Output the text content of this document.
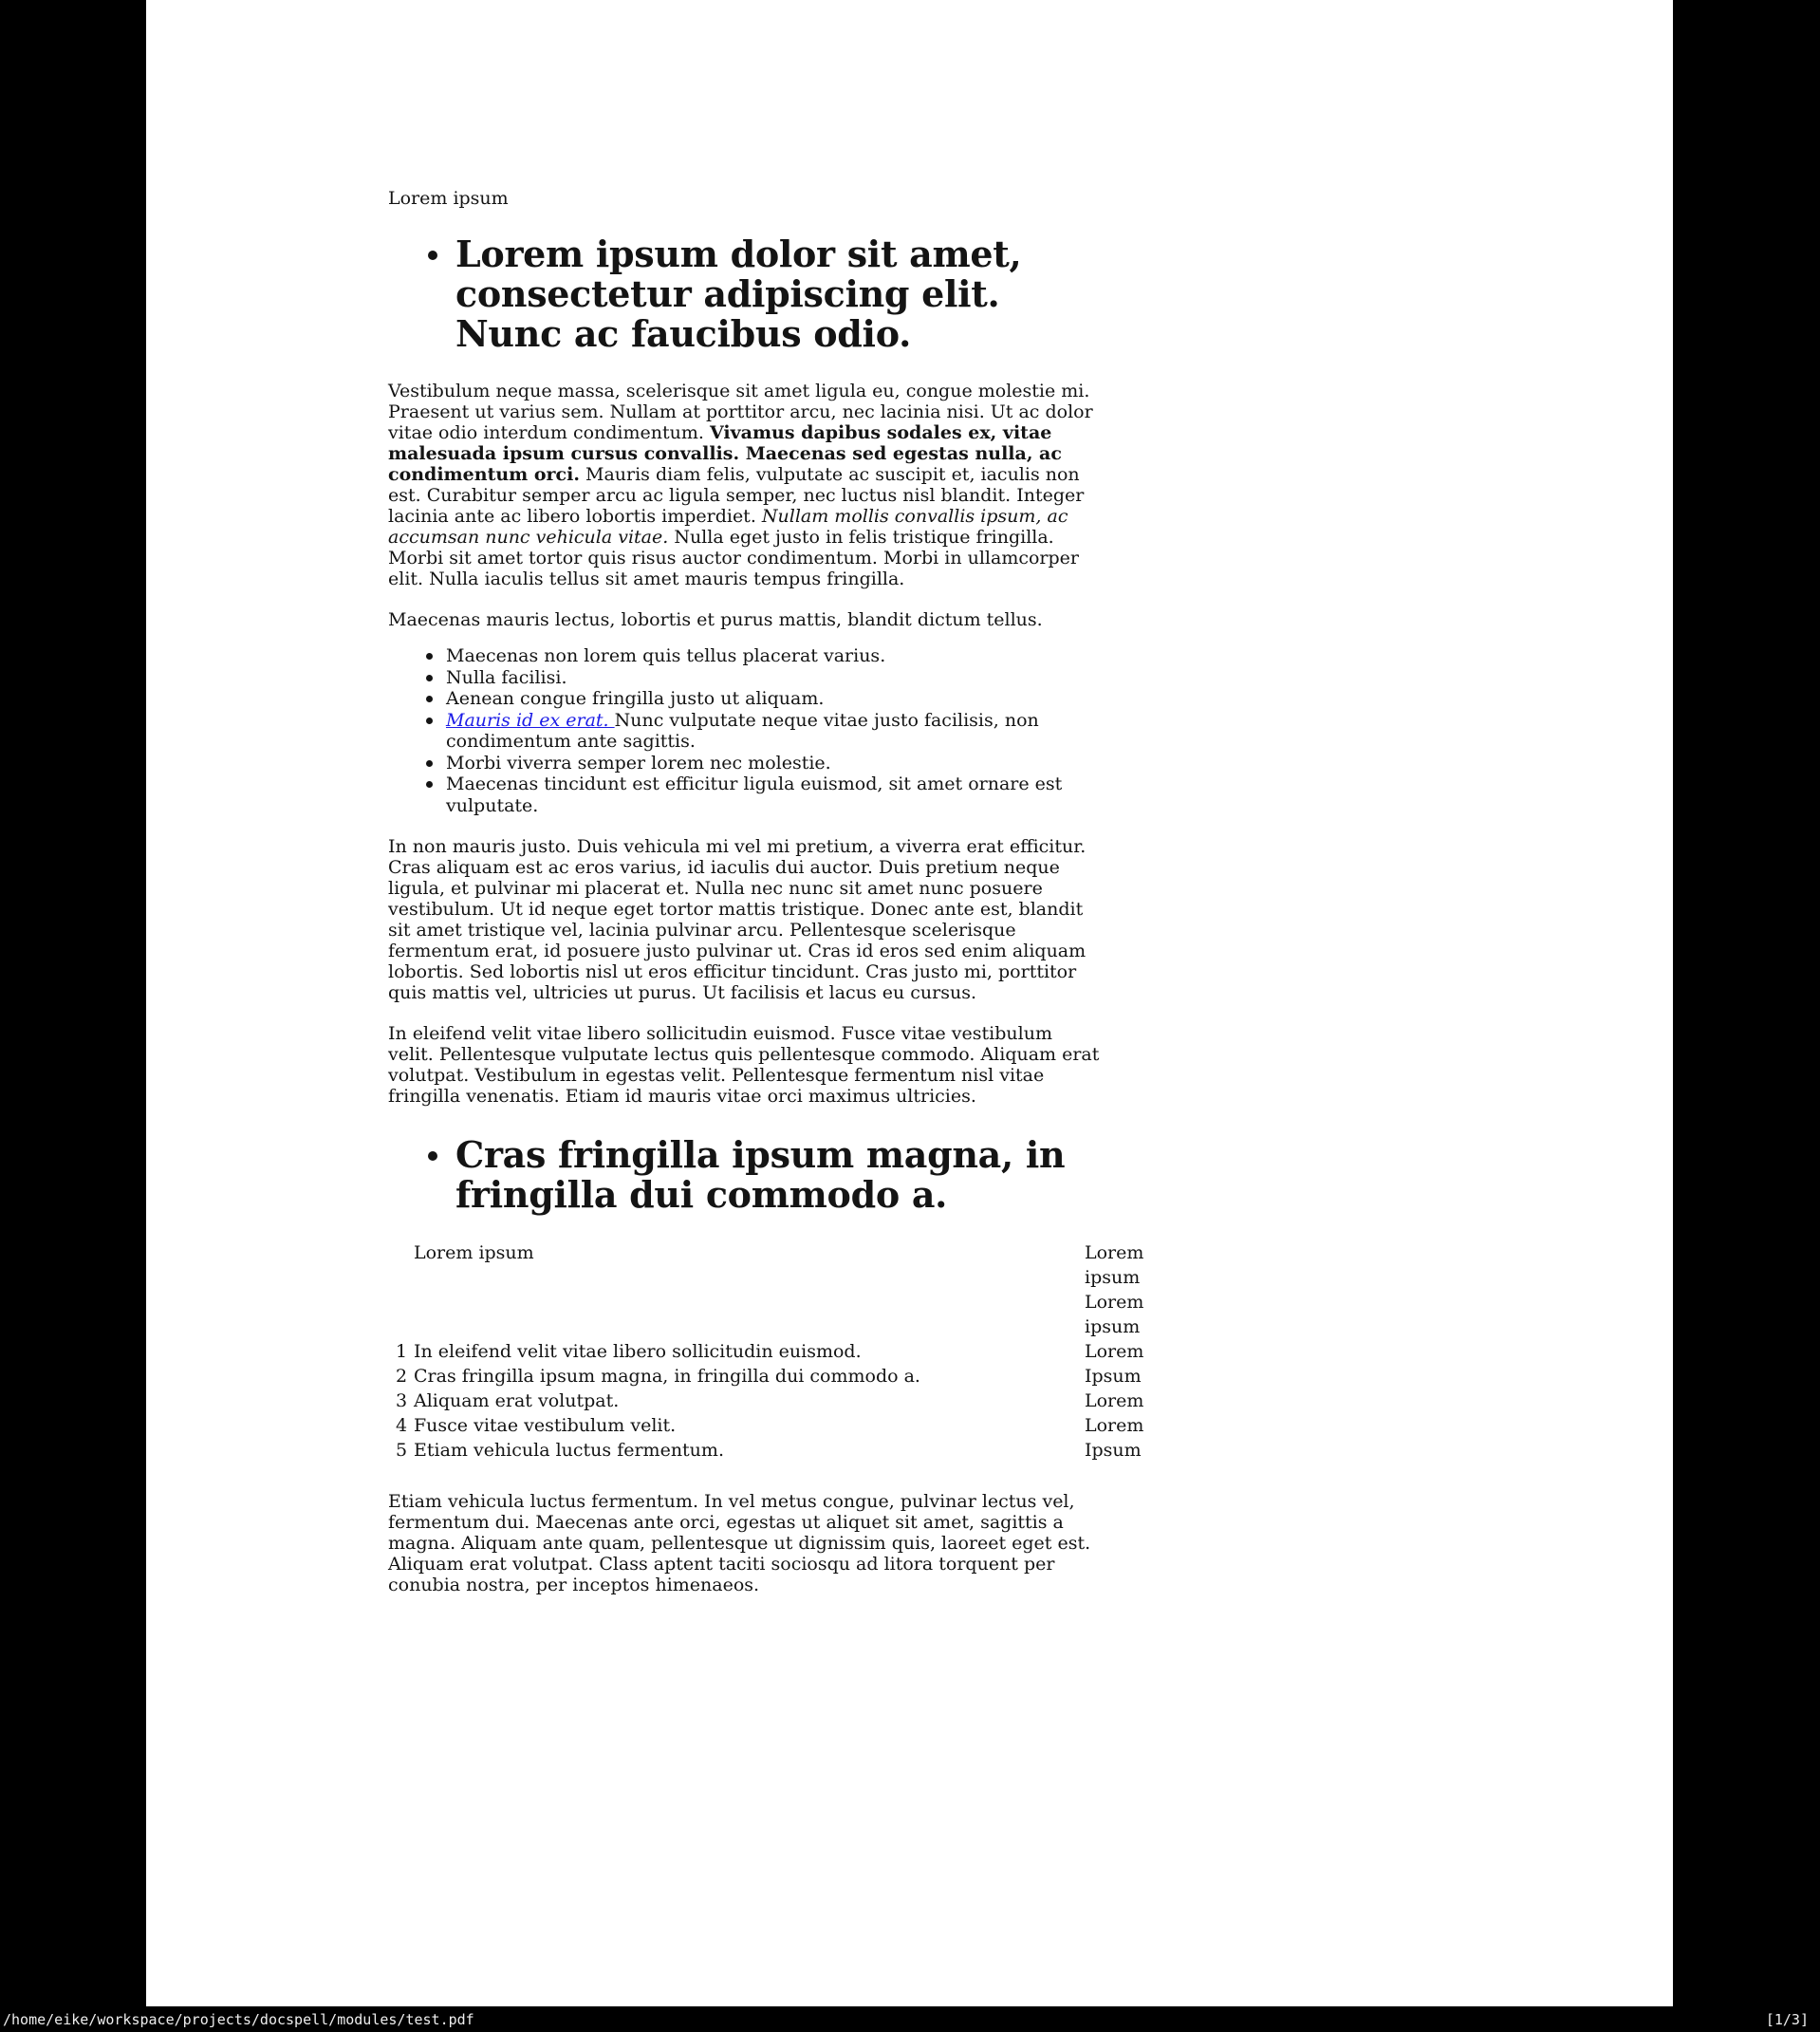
Lorem ipsum
Lorem ipsum dolor sit amet, consectetur adipiscing elit. Nunc ac faucibus odio.

Vestibulum neque massa, scelerisque sit amet ligula eu, congue molestie mi. Praesent ut varius sem. Nullam at porttitor arcu, nec lacinia nisi. Ut ac dolor vitae odio interdum condimentum. Vivamus dapibus sodales ex, vitae malesuada ipsum cursus convallis. Maecenas sed egestas nulla, ac condimentum orci. Mauris diam felis, vulputate ac suscipit et, iaculis non est. Curabitur semper arcu ac ligula semper, nec luctus nisl blandit. Integer lacinia ante ac libero lobortis imperdiet. Nullam mollis convallis ipsum, ac accumsan nunc vehicula vitae. Nulla eget justo in felis tristique fringilla. Morbi sit amet tortor quis risus auctor condimentum. Morbi in ullamcorper elit. Nulla iaculis tellus sit amet mauris tempus fringilla.

Maecenas mauris lectus, lobortis et purus mattis, blandit dictum tellus.

Maecenas non lorem quis tellus placerat varius.
Nulla facilisi.
Aenean congue fringilla justo ut aliquam.
Mauris id ex erat. Nunc vulputate neque vitae justo facilisis, non condimentum ante sagittis.
Morbi viverra semper lorem nec molestie.
Maecenas tincidunt est efficitur ligula euismod, sit amet ornare est vulputate.

In non mauris justo. Duis vehicula mi vel mi pretium, a viverra erat efficitur. Cras aliquam est ac eros varius, id iaculis dui auctor. Duis pretium neque ligula, et pulvinar mi placerat et. Nulla nec nunc sit amet nunc posuere vestibulum. Ut id neque eget tortor mattis tristique. Donec ante est, blandit sit amet tristique vel, lacinia pulvinar arcu. Pellentesque scelerisque fermentum erat, id posuere justo pulvinar ut. Cras id eros sed enim aliquam lobortis. Sed lobortis nisl ut eros efficitur tincidunt. Cras justo mi, porttitor quis mattis vel, ultricies ut purus. Ut facilisis et lacus eu cursus.

In eleifend velit vitae libero sollicitudin euismod. Fusce vitae vestibulum velit. Pellentesque vulputate lectus quis pellentesque commodo. Aliquam erat volutpat. Vestibulum in egestas velit. Pellentesque fermentum nisl vitae fringilla venenatis. Etiam id mauris vitae orci maximus ultricies.

Cras fringilla ipsum magna, in fringilla dui commodo a.
Lorem ipsum	Lorem ipsum Lorem ipsum
1 In eleifend velit vitae libero sollicitudin euismod.	Lorem
2 Cras fringilla ipsum magna, in fringilla dui commodo a.	Ipsum
3 Aliquam erat volutpat.	Lorem
4 Fusce vitae vestibulum velit.	Lorem
5 Etiam vehicula luctus fermentum.	Ipsum

Etiam vehicula luctus fermentum. In vel metus congue, pulvinar lectus vel, fermentum dui. Maecenas ante orci, egestas ut aliquet sit amet, sagittis a magna. Aliquam ante quam, pellentesque ut dignissim quis, laoreet eget est. Aliquam erat volutpat. Class aptent taciti sociosqu ad litora torquent per conubia nostra, per inceptos himenaeos.

/home/eike/workspace/projects/docspell/modules/test.pdf	[1/3]
